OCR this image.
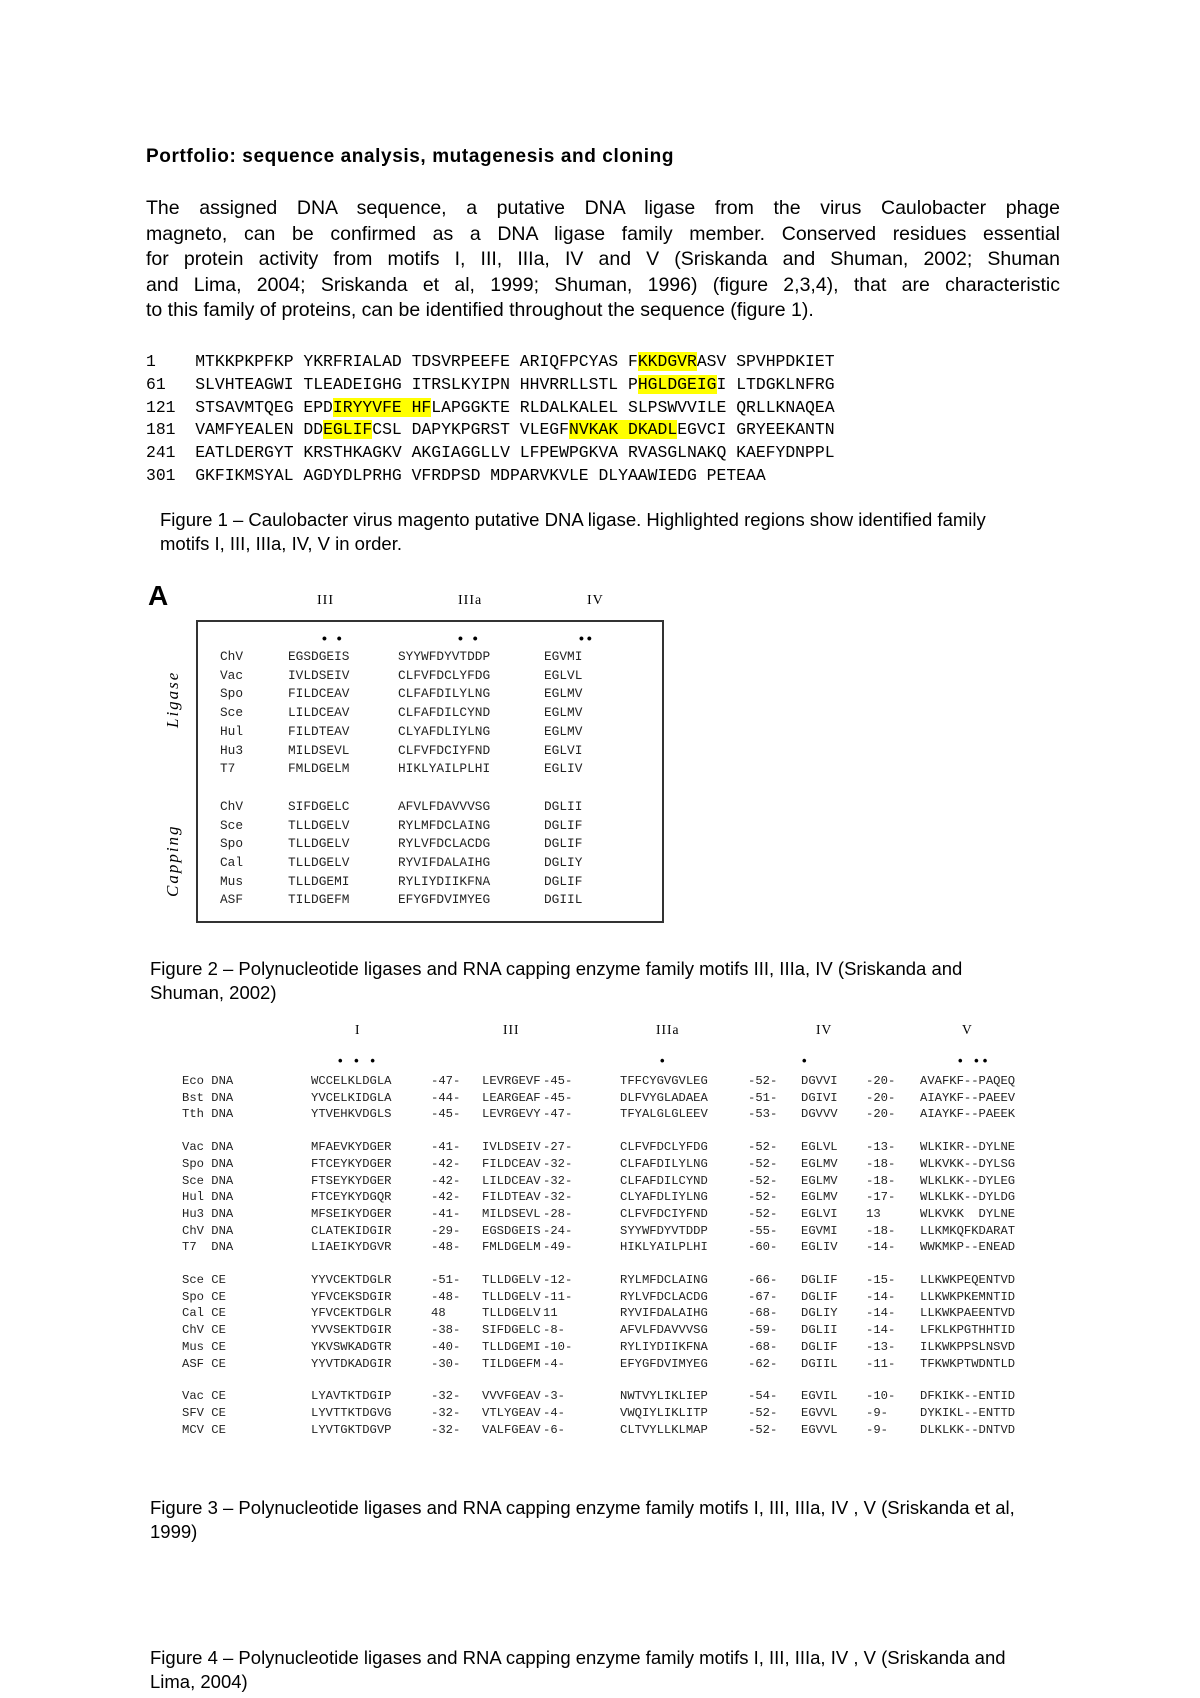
Portfolio: sequence analysis, mutagenesis and cloning
The assigned DNA sequence, a putative DNA ligase from the virus Caulobacter phage
magneto, can be confirmed as a DNA ligase family member. Conserved residues essential
for protein activity from motifs I, III, IIIa, IV and V (Sriskanda and Shuman, 2002; Shuman
and Lima, 2004; Sriskanda et al, 1999; Shuman, 1996) (figure 2,3,4), that are characteristic
to this family of proteins, can be identified throughout the sequence (figure 1).
1    MTKKPKPFKP YKRFRIALAD TDSVRPEEFE ARIQFPCYAS FKKDGVRASV SPVHPDKIET
61   SLVHTEAGWI TLEADEIGHG ITRSLKYIPN HHVRRLLSTL PHGLDGEIGI LTDGKLNFRG
121  STSAVMTQEG EPDIRYYVFE HFLAPGGKTE RLDALKALEL SLPSWVVILE QRLLKNAQEA
181  VAMFYEALEN DDEGLIFCSL DAPYKPGRST VLEGFNVKAK DKADLEGVCI GRYEEKANTN
241  EATLDERGYT KRSTHKAGKV AKGIAGGLLV LFPEWPGKVA RVASGLNAKQ KAEFYDNPPL
301  GKFIKMSYAL AGDYDLPRHG VFRDPSD MDPARVKVLE DLYAAWIEDG PETEAA
Figure 1 – Caulobacter virus magento putative DNA ligase. Highlighted regions show identified family motifs I, III, IIIa, IV, V in order.
A	III	IIIa	IV
• •	• •	••
ChV	EGSDGEIS	SYYWFDYVTDDP	EGVMI
Vac	IVLDSEIV	CLFVFDCLYFDG	EGLVL
Spo	FILDCEAV	CLFAFDILYLNG	EGLMV
Sce	LILDCEAV	CLFAFDILCYND	EGLMV
Hul	FILDTEAV	CLYAFDLIYLNG	EGLMV
Hu3	MILDSEVL	CLFVFDCIYFND	EGLVI
T7	FMLDGELM	HIKLYAILPLHI	EGLIV
ChV	SIFDGELC	AFVLFDAVVVSG	DGLII
Sce	TLLDGELV	RYLMFDCLAING	DGLIF
Spo	TLLDGELV	RYLVFDCLACDG	DGLIF
Cal	TLLDGELV	RYVIFDALAIHG	DGLIY
Mus	TLLDGEMI	RYLIYDIIKFNA	DGLIF
ASF	TILDGEFM	EFYGFDVIMYEG	DGIIL
Ligase
Capping
Figure 2 – Polynucleotide ligases and RNA capping enzyme family motifs III, IIIa, IV (Sriskanda and Shuman, 2002)
I	III	IIIa	IV	V
• • •	•	•	• ••
Eco DNA	WCCELKLDGLA	-47- LEVRGEVF -45-	TFFCYGVGVLEG	-52- DGVVI -20- AVAFKF--PAQEQ
Bst DNA	YVCELKIDGLA	-44- LEARGEAF -45-	DLFVYGLADAEA	-51- DGIVI -20- AIAYKF--PAEEV
Tth DNA	YTVEHKVDGLS	-45- LEVRGEVY -47-	TFYALGLGLEEV	-53- DGVVV -20- AIAYKF--PAEEK
Vac DNA	MFAEVKYDGER	-41- IVLDSEIV -27-	CLFVFDCLYFDG	-52- EGLVL -13- WLKIKR--DYLNE
Spo DNA	FTCEYKYDGER	-42- FILDCEAV -32-	CLFAFDILYLNG	-52- EGLMV -18- WLKVKK--DYLSG
Sce DNA	FTSEYKYDGER	-42- LILDCEAV -32-	CLFAFDILCYND	-52- EGLMV -18- WLKLKK--DYLEG
Hul DNA	FTCEYKYDGQR	-42- FILDTEAV -32-	CLYAFDLIYLNG	-52- EGLMV -17- WLKLKK--DYLDG
Hu3 DNA	MFSEIKYDGER	-41- MILDSEVL -28-	CLFVFDCIYFND	-52- EGLVI 13	WLKVKK  DYLNE
ChV DNA	CLATEKIDGIR	-29- EGSDGEIS -24-	SYYWFDYVTDDP	-55- EGVMI -18- LLKMKQFKDARAT
T7  DNA	LIAEIKYDGVR	-48- FMLDGELM -49-	HIKLYAILPLHI	-60- EGLIV -14- WWKMKP--ENEAD
Sce CE	YYVCEKTDGLR	-51- TLLDGELV -12-	RYLMFDCLAING	-66- DGLIF -15- LLKWKPEQENTVD
Spo CE	YFVCEKSDGIR	-48- TLLDGELV -11-	RYLVFDCLACDG	-67- DGLIF -14- LLKWKPKEMNTID
Cal CE	YFVCEKTDGLR	48	TLLDGELV 11	RYVIFDALAIHG	-68- DGLIY -14- LLKWKPAEENTVD
ChV CE	YVVSEKTDGIR	-38- SIFDGELC -8-	AFVLFDAVVVSG	-59- DGLII -14- LFKLKPGTHHTID
Mus CE	YKVSWKADGTR	-40- TLLDGEMI -10-	RYLIYDIIKFNA	-68- DGLIF -13- ILKWKPPSLNSVD
ASF CE	YYVTDKADGIR	-30- TILDGEFM -4-	EFYGFDVIMYEG	-62- DGIIL -11- TFKWKPTWDNTLD
Vac CE	LYAVTKTDGIP	-32- VVVFGEAV -3-	NWTVYLIKLIEP	-54- EGVIL -10- DFKIKK--ENTID
SFV CE	LYVTTKTDGVG	-32- VTLYGEAV -4-	VWQIYLIKLITP	-52- EGVVL -9-	DYKIKL--ENTTD
MCV CE	LYVTGKTDGVP	-32- VALFGEAV -6-	CLTVYLLKLMAP	-52- EGVVL -9-	DLKLKK--DNTVD
Figure 3 – Polynucleotide ligases and RNA capping enzyme family motifs I, III, IIIa, IV , V (Sriskanda et al, 1999)
Figure 4 – Polynucleotide ligases and RNA capping enzyme family motifs I, III, IIIa, IV , V (Sriskanda and Lima, 2004)
